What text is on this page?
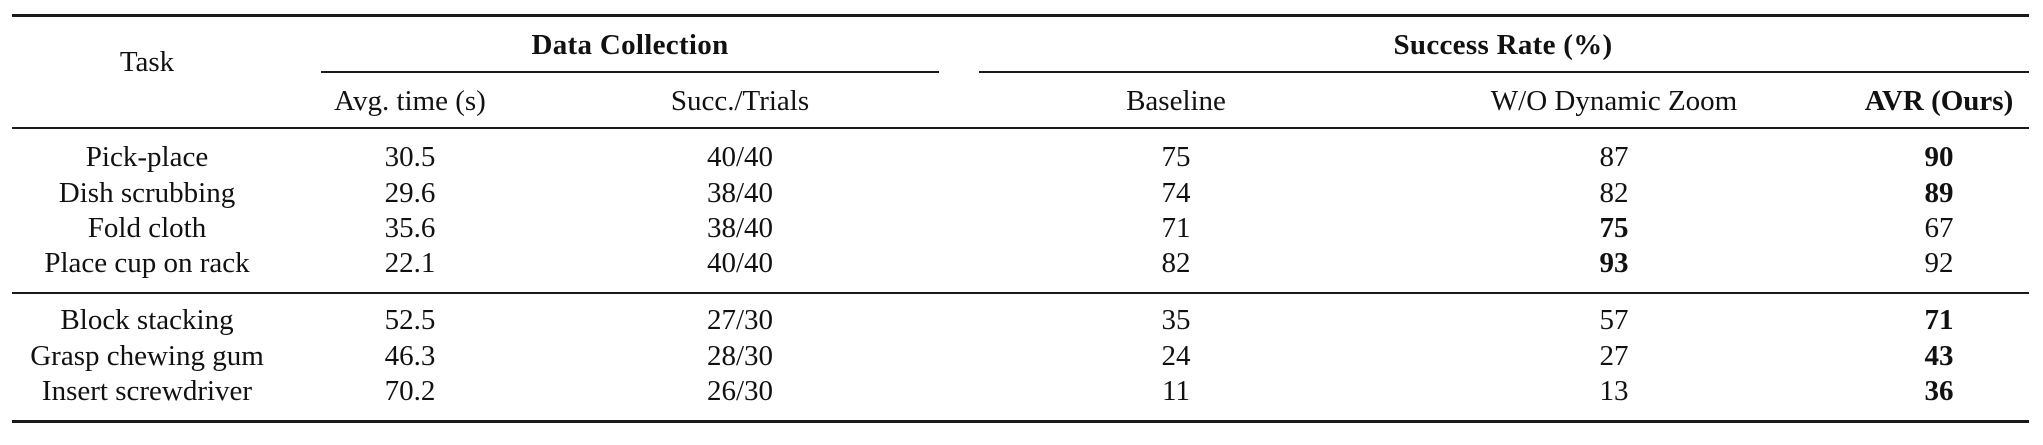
Task
Data Collection	Success Rate (%)
Avg. time (s)	Succ./Trials	Baseline	W/O Dynamic Zoom	AVR (Ours)
Pick-place	30.5	40/40	75	87	90
Dish scrubbing	29.6	38/40	74	82	89
Fold cloth	35.6	38/40	71	75	67
Place cup on rack	22.1	40/40	82	93	92
Block stacking	52.5	27/30	35	57	71
Grasp chewing gum	46.3	28/30	24	27	43
Insert screwdriver	70.2	26/30	11	13	36
